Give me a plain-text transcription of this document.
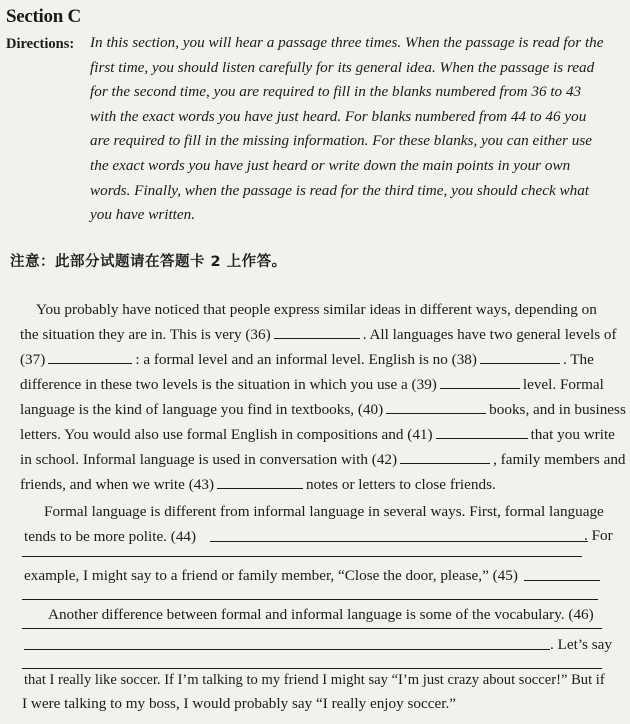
Section C
Directions: In this section, you will hear a passage three times. When the passage is read for the
first time, you should listen carefully for its general idea. When the passage is read
for the second time, you are required to fill in the blanks numbered from 36 to 43
with the exact words you have just heard. For blanks numbered from 44 to 46 you
are required to fill in the missing information. For these blanks, you can either use
the exact words you have just heard or write down the main points in your own
words. Finally, when the passage is read for the third time, you should check what
you have written.
注意：此部分试题请在答题卡 2 上作答。
You probably have noticed that people express similar ideas in different ways, depending on
the situation they are in. This is very (36)	. All languages have two general levels of
(37)	: a formal level and an informal level. English is no (38)	. The
difference in these two levels is the situation in which you use a (39)	level. Formal
language is the kind of language you find in textbooks, (40)	books, and in business
letters. You would also use formal English in compositions and (41)	that you write
in school. Informal language is used in conversation with (42)	, family members and
friends, and when we write (43)	notes or letters to close friends.
Formal language is different from informal language in several ways. First, formal language
tends to be more polite. (44)	. For
example, I might say to a friend or family member, “Close the door, please,” (45)
Another difference between formal and informal language is some of the vocabulary. (46)
. Let’s say
that I really like soccer. If I’m talking to my friend I might say “I’m just crazy about soccer!” But if
I were talking to my boss, I would probably say “I really enjoy soccer.”
